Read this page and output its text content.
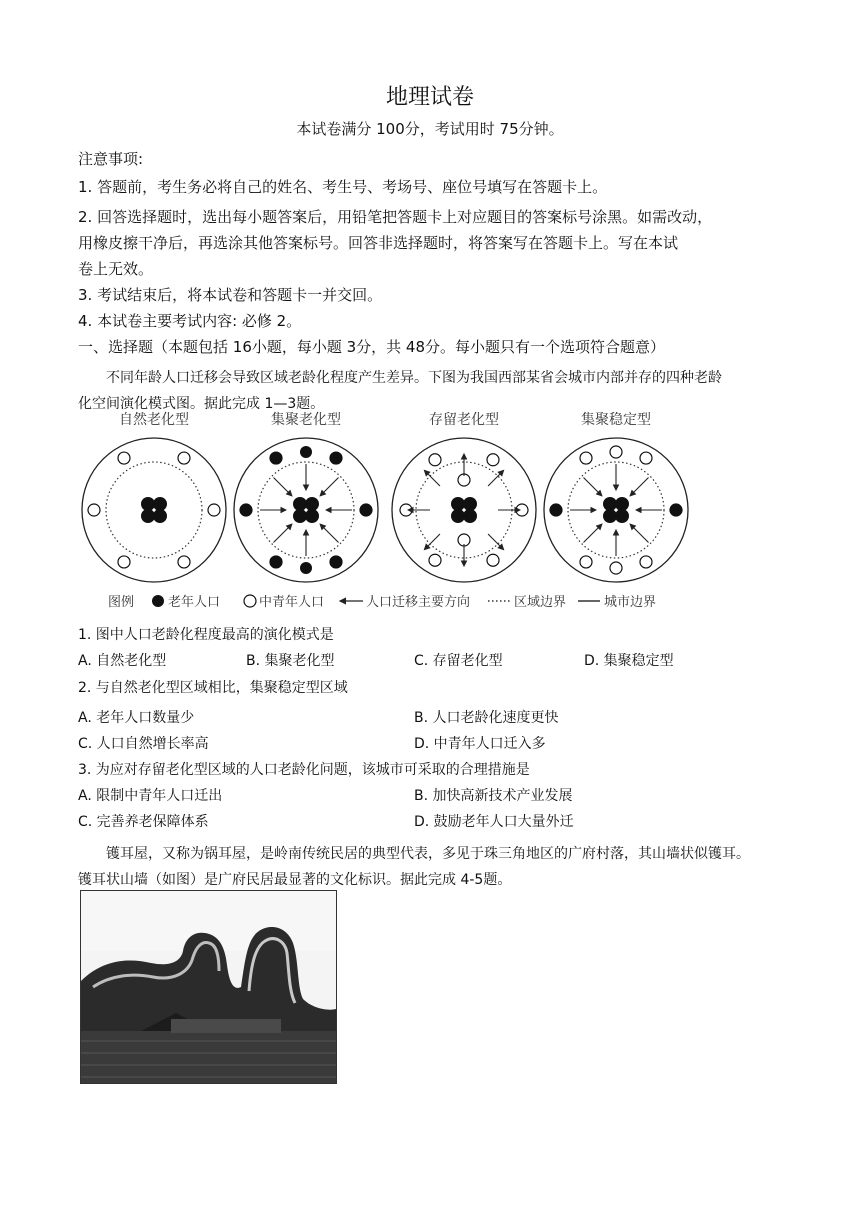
地理试卷
本试卷满分 100分，考试用时 75分钟。
注意事项:
1. 答题前，考生务必将自己的姓名、考生号、考场号、座位号填写在答题卡上。
2. 回答选择题时，选出每小题答案后，用铅笔把答题卡上对应题目的答案标号涂黑。如需改动，
用橡皮擦干净后，再选涂其他答案标号。回答非选择题时，将答案写在答题卡上。写在本试
卷上无效。
3. 考试结束后，将本试卷和答题卡一并交回。
4. 本试卷主要考试内容: 必修 2。
一、选择题（本题包括 16小题，每小题 3分，共 48分。每小题只有一个选项符合题意）
不同年龄人口迁移会导致区域老龄化程度产生差异。下图为我国西部某省会城市内部并存的四种老龄
化空间演化模式图。据此完成 1—3题。
自然老化型	集聚老化型	存留老化型	集聚稳定型
图例	老年人口	中青年人口	人口迁移主要方向	区域边界	城市边界
1. 图中人口老龄化程度最高的演化模式是
A. 自然老化型	B. 集聚老化型	C. 存留老化型	D. 集聚稳定型
2. 与自然老化型区域相比，集聚稳定型区域
A. 老年人口数量少	B. 人口老龄化速度更快
C. 人口自然增长率高	D. 中青年人口迁入多
3. 为应对存留老化型区域的人口老龄化问题，该城市可采取的合理措施是
A. 限制中青年人口迁出	B. 加快高新技术产业发展
C. 完善养老保障体系	D. 鼓励老年人口大量外迁
镬耳屋，又称为锅耳屋，是岭南传统民居的典型代表，多见于珠三角地区的广府村落，其山墙状似镬耳。
镬耳状山墙（如图）是广府民居最显著的文化标识。据此完成 4-5题。
